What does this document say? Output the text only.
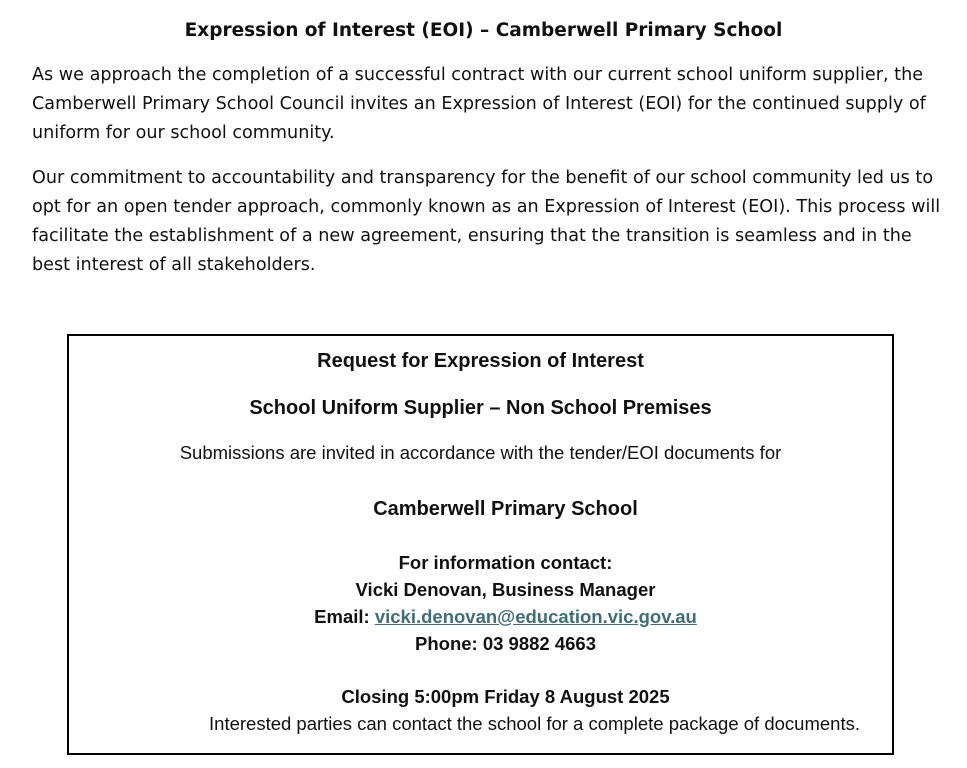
Expression of Interest (EOI) – Camberwell Primary School

As we approach the completion of a successful contract with our current school uniform supplier, the Camberwell Primary School Council invites an Expression of Interest (EOI) for the continued supply of uniform for our school community.

Our commitment to accountability and transparency for the benefit of our school community led us to opt for an open tender approach, commonly known as an Expression of Interest (EOI). This process will facilitate the establishment of a new agreement, ensuring that the transition is seamless and in the best interest of all stakeholders.

Request for Expression of Interest
School Uniform Supplier – Non School Premises
Submissions are invited in accordance with the tender/EOI documents for
Camberwell Primary School
For information contact:
Vicki Denovan, Business Manager
Email: vicki.denovan@education.vic.gov.au
Phone: 03 9882 4663
Closing 5:00pm Friday 8 August 2025
Interested parties can contact the school for a complete package of documents.
